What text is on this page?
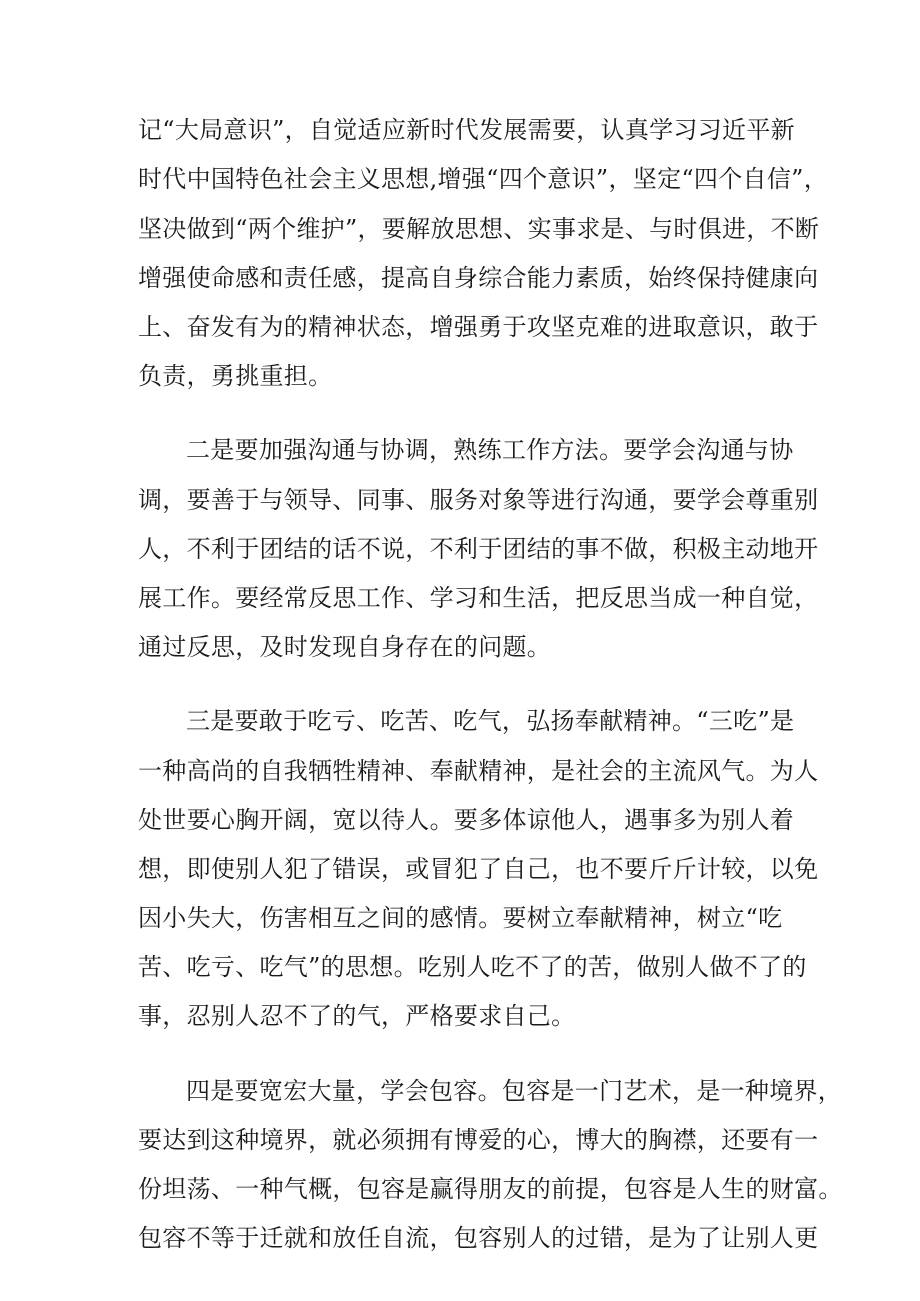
记“大局意识”，自觉适应新时代发展需要，认真学习习近平新
时代中国特色社会主义思想,增强“四个意识”，坚定“四个自信”，
坚决做到“两个维护”，要解放思想、实事求是、与时俱进，不断
增强使命感和责任感，提高自身综合能力素质，始终保持健康向
上、奋发有为的精神状态，增强勇于攻坚克难的进取意识，敢于
负责，勇挑重担。
二是要加强沟通与协调，熟练工作方法。要学会沟通与协
调，要善于与领导、同事、服务对象等进行沟通，要学会尊重别
人，不利于团结的话不说，不利于团结的事不做，积极主动地开
展工作。要经常反思工作、学习和生活，把反思当成一种自觉，
通过反思，及时发现自身存在的问题。
三是要敢于吃亏、吃苦、吃气，弘扬奉献精神。“三吃”是
一种高尚的自我牺牲精神、奉献精神，是社会的主流风气。为人
处世要心胸开阔，宽以待人。要多体谅他人，遇事多为别人着
想，即使别人犯了错误，或冒犯了自己，也不要斤斤计较，以免
因小失大，伤害相互之间的感情。要树立奉献精神，树立“吃
苦、吃亏、吃气”的思想。吃别人吃不了的苦，做别人做不了的
事，忍别人忍不了的气，严格要求自己。
四是要宽宏大量，学会包容。包容是一门艺术，是一种境界，
要达到这种境界，就必须拥有博爱的心，博大的胸襟，还要有一
份坦荡、一种气概，包容是赢得朋友的前提，包容是人生的财富。
包容不等于迁就和放任自流，包容别人的过错，是为了让别人更
